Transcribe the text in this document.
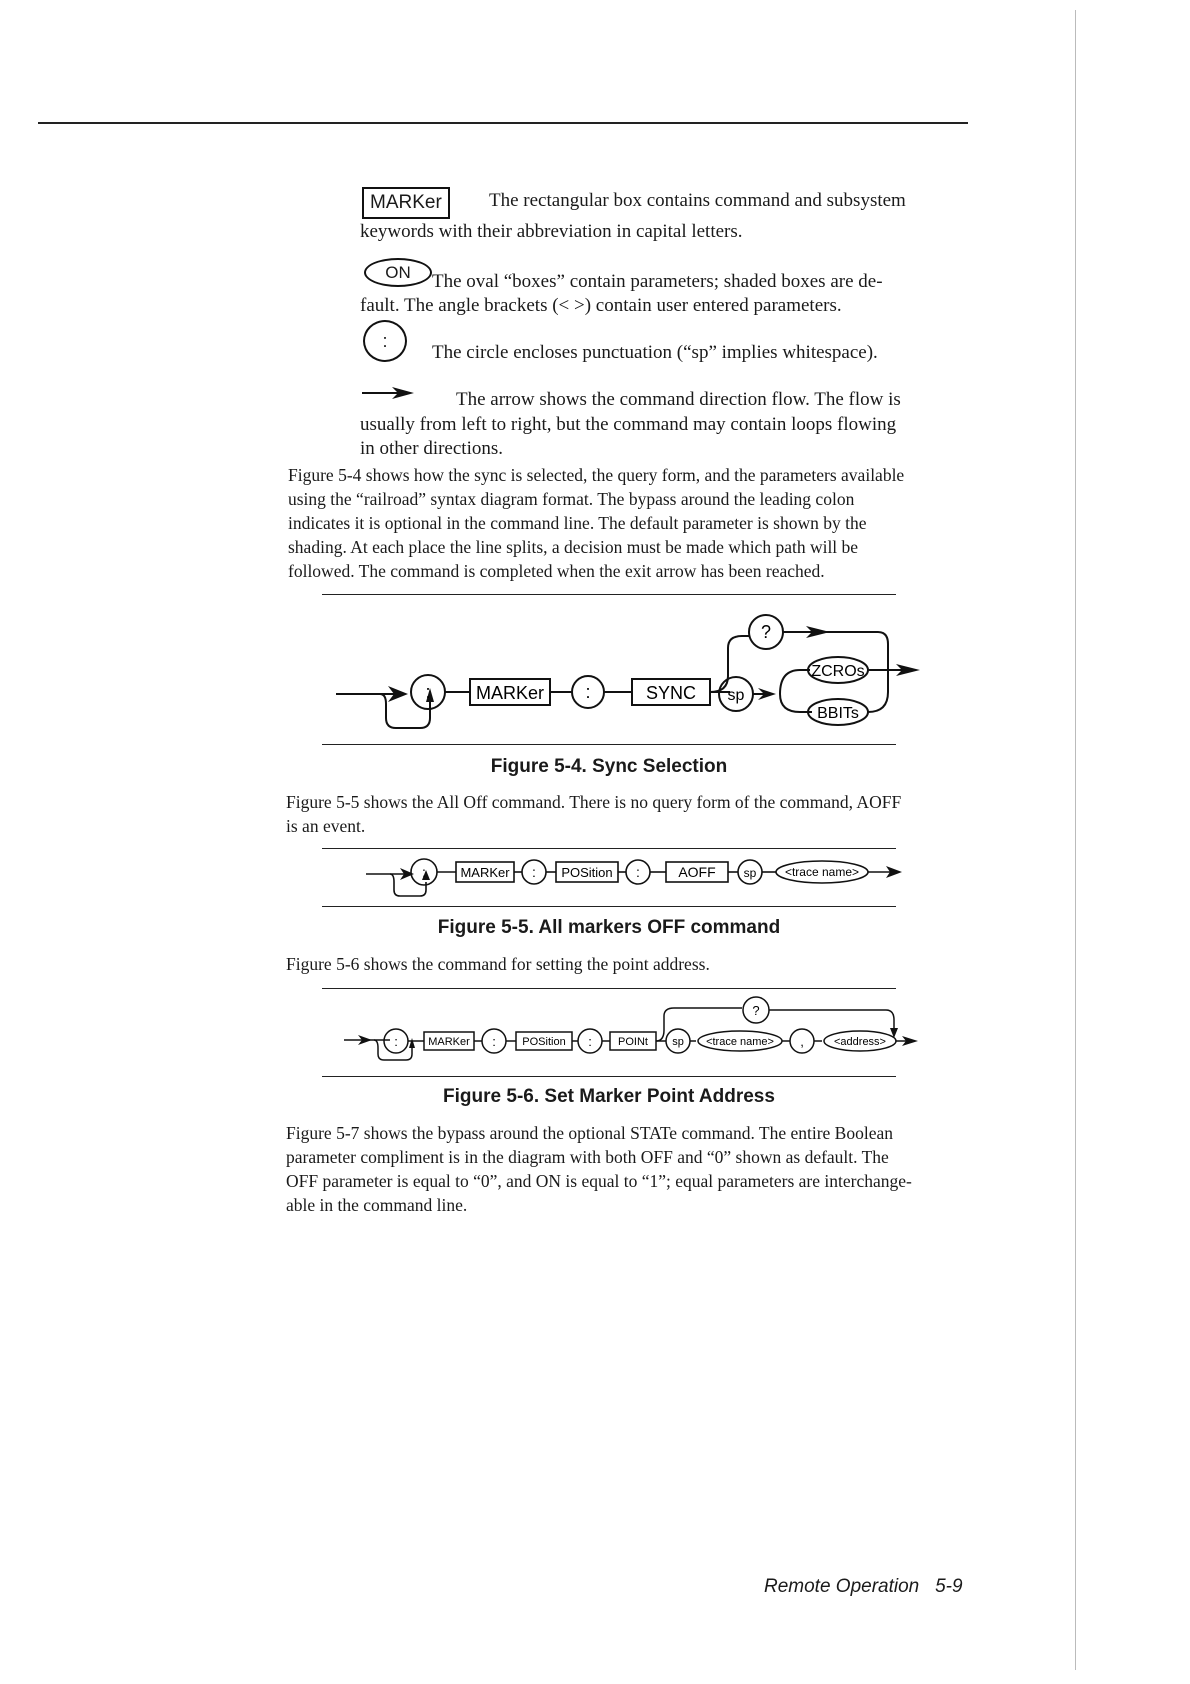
MARKer	The rectangular box contains command and subsystem
keywords with their abbreviation in capital letters.
ON	The oval “boxes” contain parameters; shaded boxes are de-
fault. The angle brackets (< >) contain user entered parameters.
:
The circle encloses punctuation (“sp” implies whitespace).
The arrow shows the command direction flow. The flow is
usually from left to right, but the command may contain loops flowing
in other directions.
Figure 5-4 shows how the sync is selected, the query form, and the parameters available
using the “railroad” syntax diagram format. The bypass around the leading colon
indicates it is optional in the command line. The default parameter is shown by the
shading. At each place the line splits, a decision must be made which path will be
followed. The command is completed when the exit arrow has been reached.
:	MARKer :	SYNC
?
sp
ZCROs
BBITs
Figure 5-4. Sync Selection
Figure 5-5 shows the All Off command. There is no query form of the command, AOFF
is an event.
:	MARKer : POSition :	AOFF sp <trace name>
Figure 5-5. All markers OFF command
Figure 5-6 shows the command for setting the point address.
:	MARKer : POSition : POINt
?
sp <trace name> ,	<address>
Figure 5-6. Set Marker Point Address
Figure 5-7 shows the bypass around the optional STATe command. The entire Boolean
parameter compliment is in the diagram with both OFF and “0” shown as default. The
OFF parameter is equal to “0”, and ON is equal to “1”; equal parameters are interchange-
able in the command line.
Remote Operation 5-9
